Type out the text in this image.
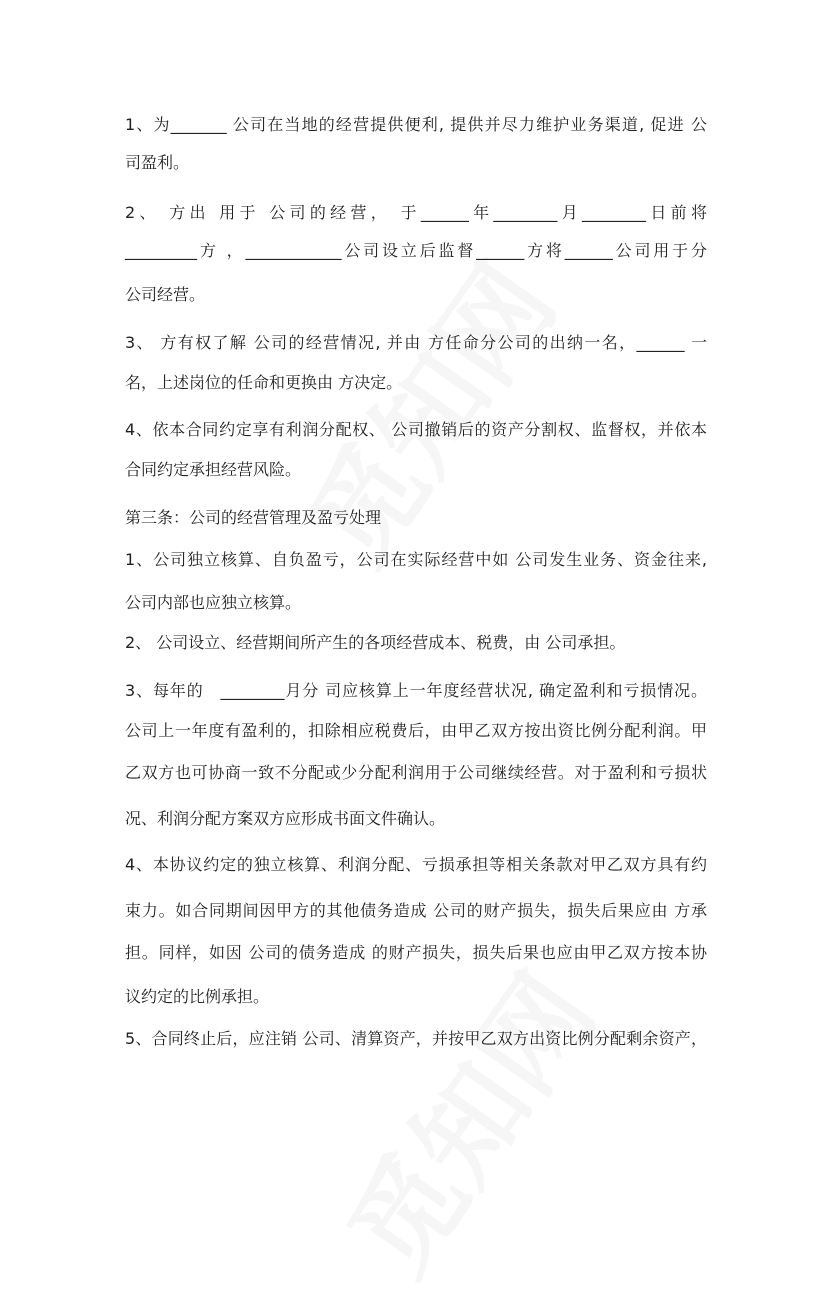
1、为_______ 公司在当地的经营提供便利, 提供并尽力维护业务渠道, 促进 公
司盈利。
2、 方出 用于 公司的经营， 于______年________月________日前将
_________方 ，____________公司设立后监督______方将______公司用于分
公司经营。
3、 方有权了解 公司的经营情况, 并由 方任命分公司的出纳一名，______ 一
名，上述岗位的任命和更换由 方决定。
4、依本合同约定享有利润分配权、 公司撤销后的资产分割权、监督权，并依本
合同约定承担经营风险。
第三条：公司的经营管理及盈亏处理
1、公司独立核算、自负盈亏，公司在实际经营中如 公司发生业务、资金往来,
公司内部也应独立核算。
2、 公司设立、经营期间所产生的各项经营成本、税费，由 公司承担。
3、每年的　________月分 司应核算上一年度经营状况, 确定盈利和亏损情况。
公司上一年度有盈利的，扣除相应税费后，由甲乙双方按出资比例分配利润。甲
乙双方也可协商一致不分配或少分配利润用于公司继续经营。对于盈利和亏损状
况、利润分配方案双方应形成书面文件确认。
4、本协议约定的独立核算、利润分配、亏损承担等相关条款对甲乙双方具有约
束力。如合同期间因甲方的其他债务造成 公司的财产损失，损失后果应由 方承
担。同样，如因 公司的债务造成 的财产损失，损失后果也应由甲乙双方按本协
议约定的比例承担。
5、合同终止后，应注销 公司、清算资产，并按甲乙双方出资比例分配剩余资产，
